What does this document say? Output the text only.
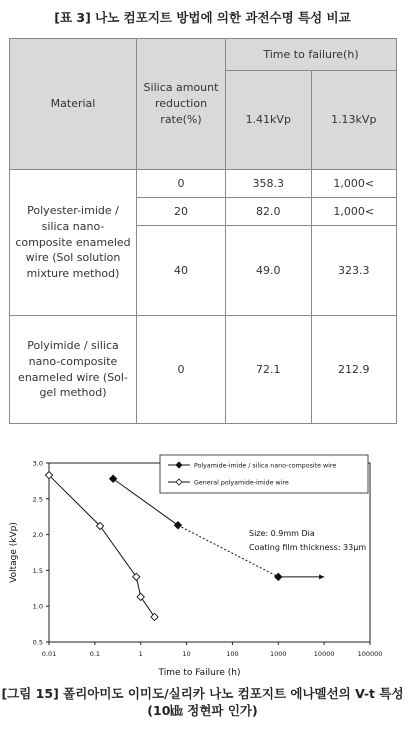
[표 3] 나노 컴포지트 방법에 의한 과전수명 특성 비교
Material	Silica amount reduction rate(%)	Time to failure(h)	
		1.41kVp	1.13kVp
Polyester-imide / silica nano-composite enameled wire (Sol solution mixture method)	0	358.3	1,000<
	20	82.0	1,000<
	40	49.0	323.3
Polyimide / silica nano-composite enameled wire (Sol-gel method)	0	72.1	212.9
0.01	0.1	1	10	100	1000	10000	100000
0.5
1.0
1.5
2.0
2.5
3.0	Polyamide-imide / silica nano-composite wire
General polyamide-imide wire
Size: 0.9mm Dia
Coating film thickness: 33μm
Time to Failure (h)
Voltage (kVp)
[그림 15] 폴리아미도 이미도/실리카 나노 컴포지트 에나멜선의 V-t 특성
(10㎑ 정현파 인가)
